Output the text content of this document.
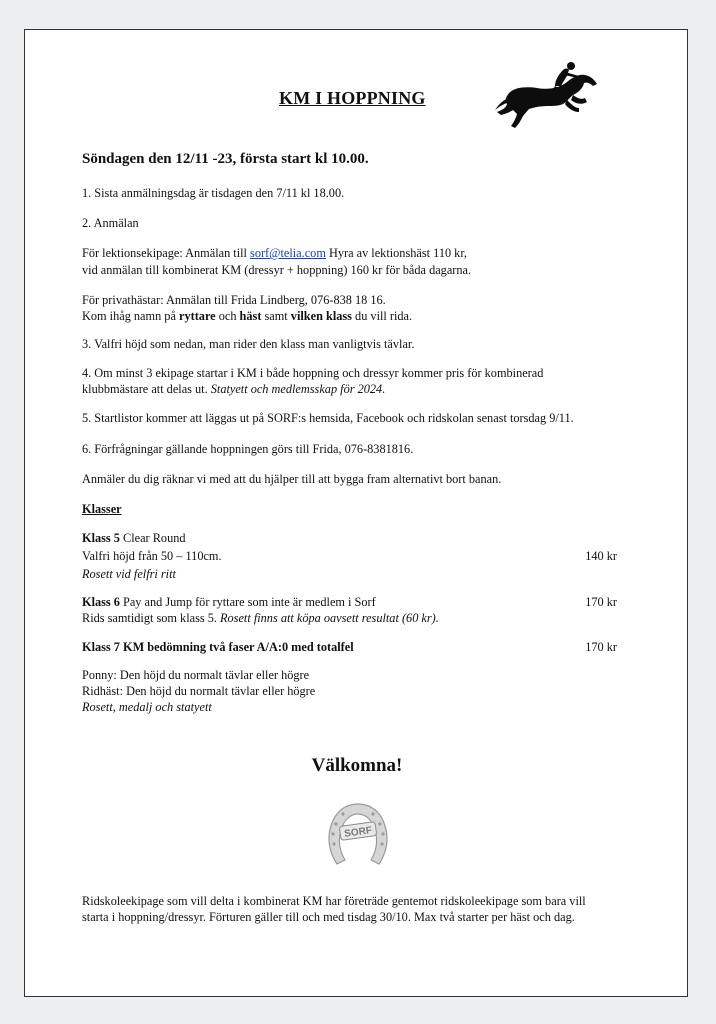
KM I HOPPNING
Söndagen den 12/11 -23, första start kl 10.00.
1. Sista anmälningsdag är tisdagen den 7/11 kl 18.00.
2. Anmälan
För lektionsekipage: Anmälan till sorf@telia.com Hyra av lektionshäst 110 kr,
vid anmälan till kombinerat KM (dressyr + hoppning) 160 kr för båda dagarna.
För privathästar: Anmälan till Frida Lindberg, 076-838 18 16.
Kom ihåg namn på ryttare och häst samt vilken klass du vill rida.
3. Valfri höjd som nedan, man rider den klass man vanligtvis tävlar.
4. Om minst 3 ekipage startar i KM i både hoppning och dressyr kommer pris för kombinerad
klubbmästare att delas ut. Statyett och medlemsskap för 2024.
5. Startlistor kommer att läggas ut på SORF:s hemsida, Facebook och ridskolan senast torsdag 9/11.
6. Förfrågningar gällande hoppningen görs till Frida, 076-8381816.
Anmäler du dig räknar vi med att du hjälper till att bygga fram alternativt bort banan.
Klasser
Klass 5 Clear Round
Valfri höjd från 50 – 110cm.	140 kr
Rosett vid felfri ritt
Klass 6 Pay and Jump för ryttare som inte är medlem i Sorf	170 kr
Rids samtidigt som klass 5. Rosett finns att köpa oavsett resultat (60 kr).
Klass 7 KM bedömning två faser A/A:0 med totalfel	170 kr
Ponny: Den höjd du normalt tävlar eller högre
Ridhäst: Den höjd du normalt tävlar eller högre
Rosett, medalj och statyett
Välkomna!
SORF
Ridskoleekipage som vill delta i kombinerat KM har företräde gentemot ridskoleekipage som bara vill
starta i hoppning/dressyr. Förturen gäller till och med tisdag 30/10. Max två starter per häst och dag.
